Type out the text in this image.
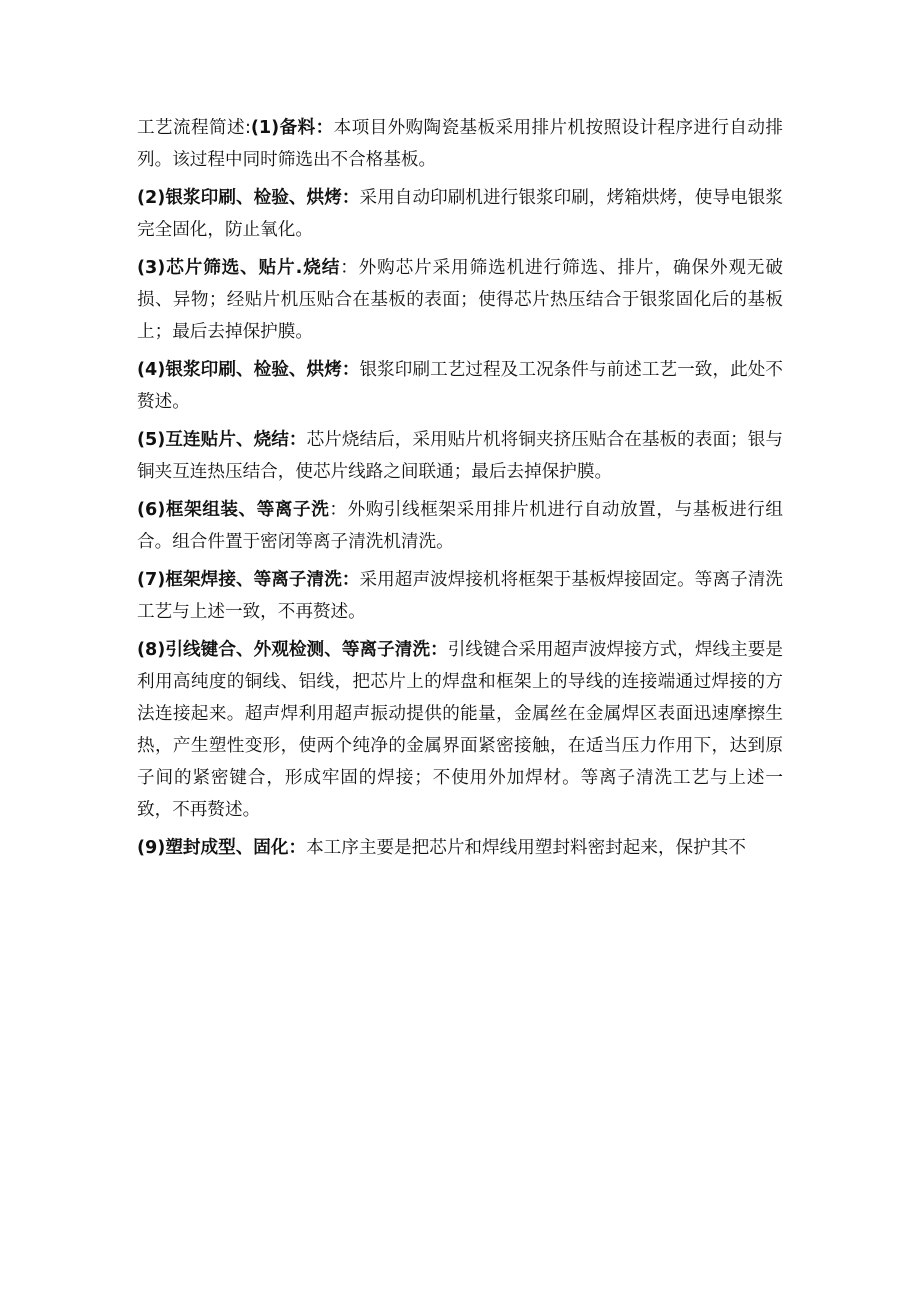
工艺流程简述:(1)备料：本项目外购陶瓷基板采用排片机按照设计程序进行自动排列。该过程中同时筛选出不合格基板。

(2)银浆印刷、检验、烘烤：采用自动印刷机进行银浆印刷，烤箱烘烤，使导电银浆完全固化，防止氧化。

(3)芯片筛选、贴片.烧结：外购芯片采用筛选机进行筛选、排片，确保外观无破损、异物；经贴片机压贴合在基板的表面；使得芯片热压结合于银浆固化后的基板上；最后去掉保护膜。

(4)银浆印刷、检验、烘烤：银浆印刷工艺过程及工况条件与前述工艺一致，此处不赘述。

(5)互连贴片、烧结：芯片烧结后，采用贴片机将铜夹挤压贴合在基板的表面；银与铜夹互连热压结合，使芯片线路之间联通；最后去掉保护膜。

(6)框架组装、等离子洗：外购引线框架采用排片机进行自动放置，与基板进行组合。组合件置于密闭等离子清洗机清洗。

(7)框架焊接、等离子清洗：采用超声波焊接机将框架于基板焊接固定。等离子清洗工艺与上述一致，不再赘述。

(8)引线键合、外观检测、等离子清洗：引线键合采用超声波焊接方式，焊线主要是利用高纯度的铜线、铝线，把芯片上的焊盘和框架上的导线的连接端通过焊接的方法连接起来。超声焊利用超声振动提供的能量，金属丝在金属焊区表面迅速摩擦生热，产生塑性变形，使两个纯净的金属界面紧密接触，在适当压力作用下，达到原子间的紧密键合，形成牢固的焊接；不使用外加焊材。等离子清洗工艺与上述一致，不再赘述。

(9)塑封成型、固化：本工序主要是把芯片和焊线用塑封料密封起来，保护其不
